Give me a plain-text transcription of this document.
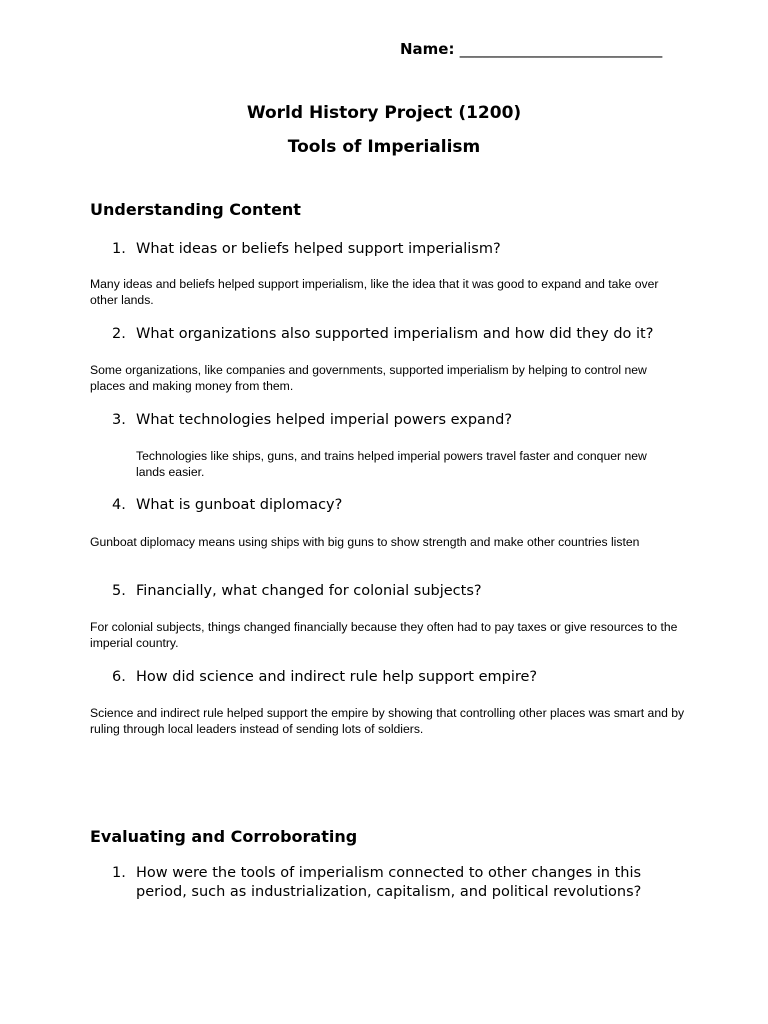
Name: ___________________________
World History Project (1200)
Tools of Imperialism
Understanding Content
1. What ideas or beliefs helped support imperialism?
Many ideas and beliefs helped support imperialism, like the idea that it was good to expand and take over other lands.
2. What organizations also supported imperialism and how did they do it?
Some organizations, like companies and governments, supported imperialism by helping to control new places and making money from them.
3. What technologies helped imperial powers expand?
Technologies like ships, guns, and trains helped imperial powers travel faster and conquer new lands easier.
4. What is gunboat diplomacy?
Gunboat diplomacy means using ships with big guns to show strength and make other countries listen
5. Financially, what changed for colonial subjects?
For colonial subjects, things changed financially because they often had to pay taxes or give resources to the imperial country.
6. How did science and indirect rule help support empire?
Science and indirect rule helped support the empire by showing that controlling other places was smart and by ruling through local leaders instead of sending lots of soldiers.
Evaluating and Corroborating
1. How were the tools of imperialism connected to other changes in this period, such as industrialization, capitalism, and political revolutions?
